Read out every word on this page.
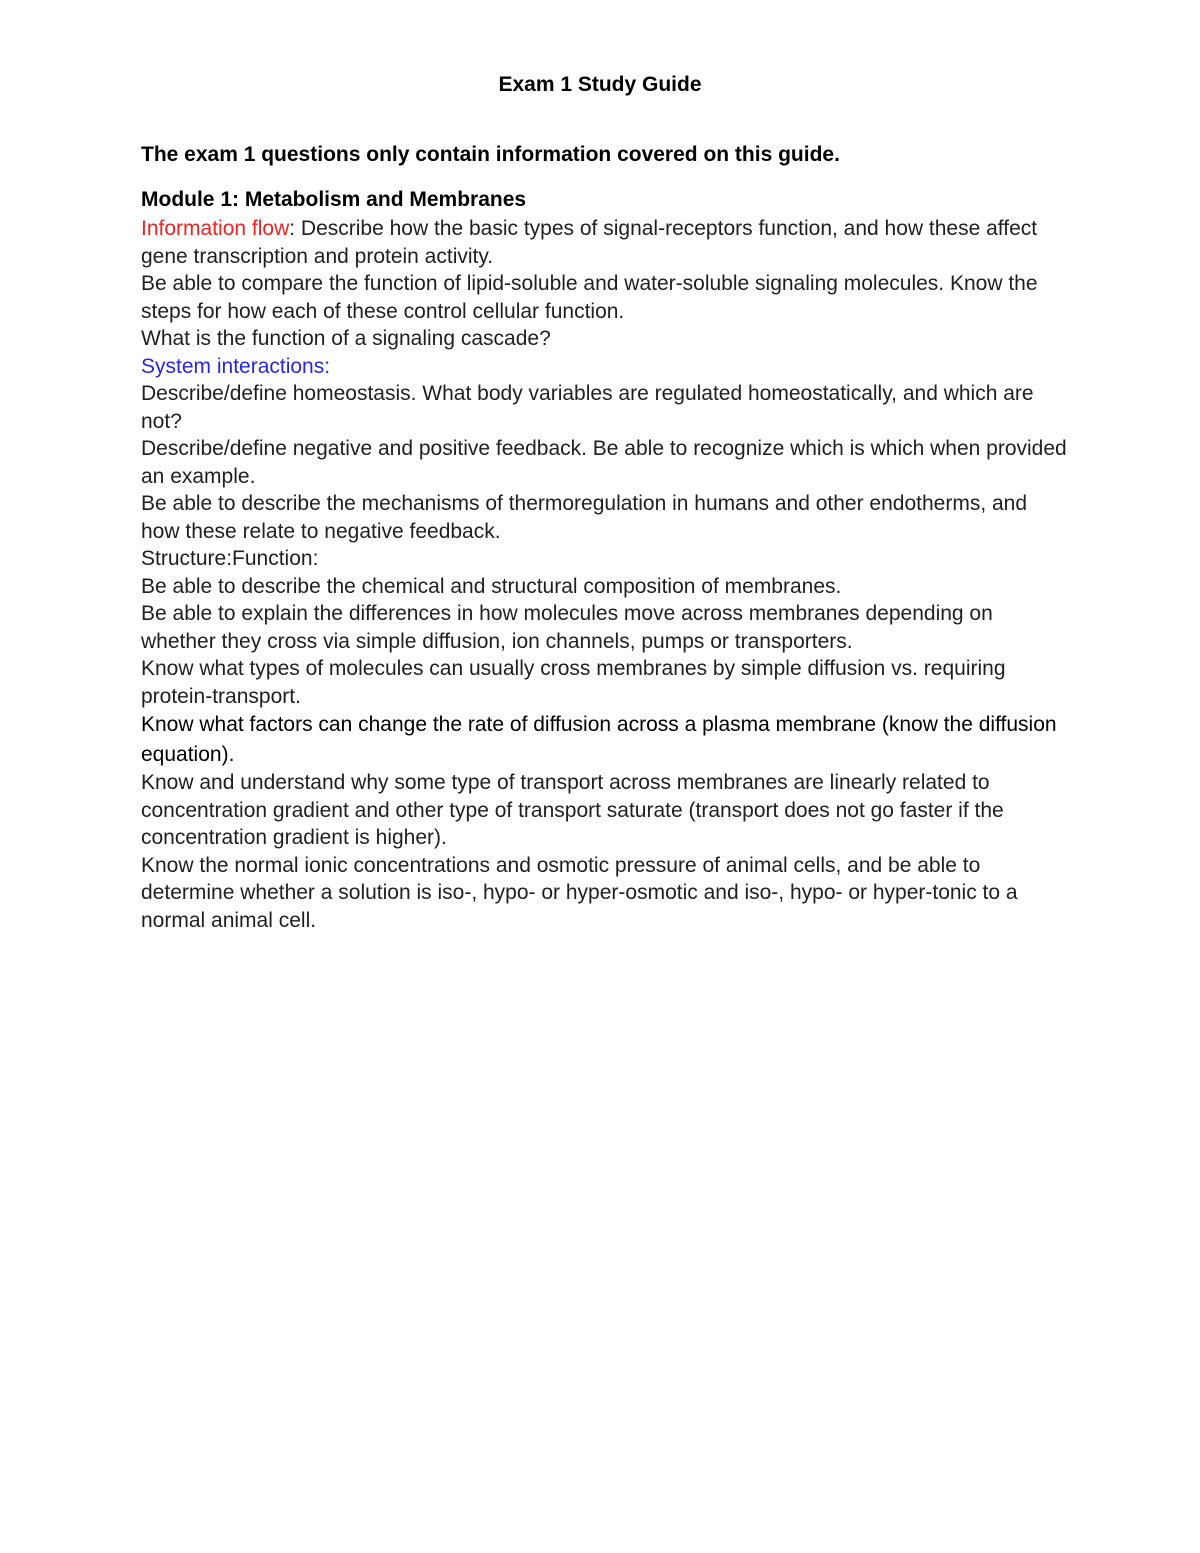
Exam 1 Study Guide
The exam 1 questions only contain information covered on this guide.
Module 1: Metabolism and Membranes

Information flow: Describe how the basic types of signal-receptors function, and how these affect gene transcription and protein activity.

Be able to compare the function of lipid-soluble and water-soluble signaling molecules. Know the steps for how each of these control cellular function.

What is the function of a signaling cascade?

System interactions:

Describe/define homeostasis. What body variables are regulated homeostatically, and which are not?

Describe/define negative and positive feedback. Be able to recognize which is which when provided an example.

Be able to describe the mechanisms of thermoregulation in humans and other endotherms, and how these relate to negative feedback.

Structure:Function:

Be able to describe the chemical and structural composition of membranes.

Be able to explain the differences in how molecules move across membranes depending on whether they cross via simple diffusion, ion channels, pumps or transporters.

Know what types of molecules can usually cross membranes by simple diffusion vs. requiring protein-transport.

Know what factors can change the rate of diffusion across a plasma membrane (know the diffusion equation).

Know and understand why some type of transport across membranes are linearly related to concentration gradient and other type of transport saturate (transport does not go faster if the concentration gradient is higher).

Know the normal ionic concentrations and osmotic pressure of animal cells, and be able to determine whether a solution is iso-, hypo- or hyper-osmotic and iso-, hypo- or hyper-tonic to a normal animal cell.
